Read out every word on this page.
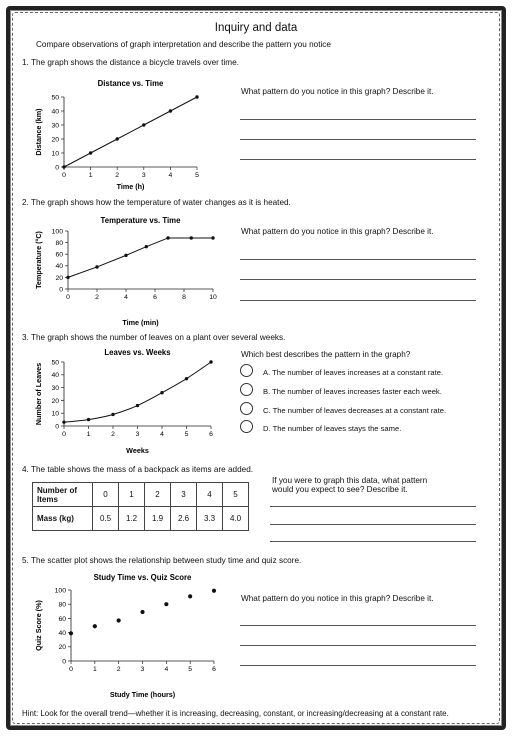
Inquiry and data
Compare observations of graph interpretation and describe the pattern you notice
1. The graph shows the distance a bicycle travels over time.
Distance vs. Time
0	1	2	3	4	5
0
10
20
30
40
50
Time (h)
Distance (km)
What pattern do you notice in this graph? Describe it.
2. The graph shows how the temperature of water changes as it is heated.
Temperature vs. Time
0	2	4	6	8	10
0
20
40
60
80
100
Time (min)
Temperature (°C)	What pattern do you notice in this graph? Describe it.
3. The graph shows the number of leaves on a plant over several weeks.
Leaves vs. Weeks
0	1	2	3	4	5	6
0
10
20
30
40
50
Weeks
Number of Leaves
Which best describes the pattern in the graph?
A. The number of leaves increases at a constant rate.
B. The number of leaves increases faster each week.
C. The number of leaves decreases at a constant rate.
D. The number of leaves stays the same.
4. The table shows the mass of a backpack as items are added.
Number of Items	0	1	2	3	4	5
Mass (kg)	0.5	1.2	1.9	2.6	3.3	4.0
If you were to graph this data, what pattern
would you expect to see? Describe it.
5. The scatter plot shows the relationship between study time and quiz score.
Study Time vs. Quiz Score
0	1	2	3	4	5	6
0
20
40
60
80
100
Study Time (hours)
Quiz Score (%)
What pattern do you notice in this graph? Describe it.
Hint: Look for the overall trend—whether it is increasing, decreasing, constant, or increasing/decreasing at a constant rate.
